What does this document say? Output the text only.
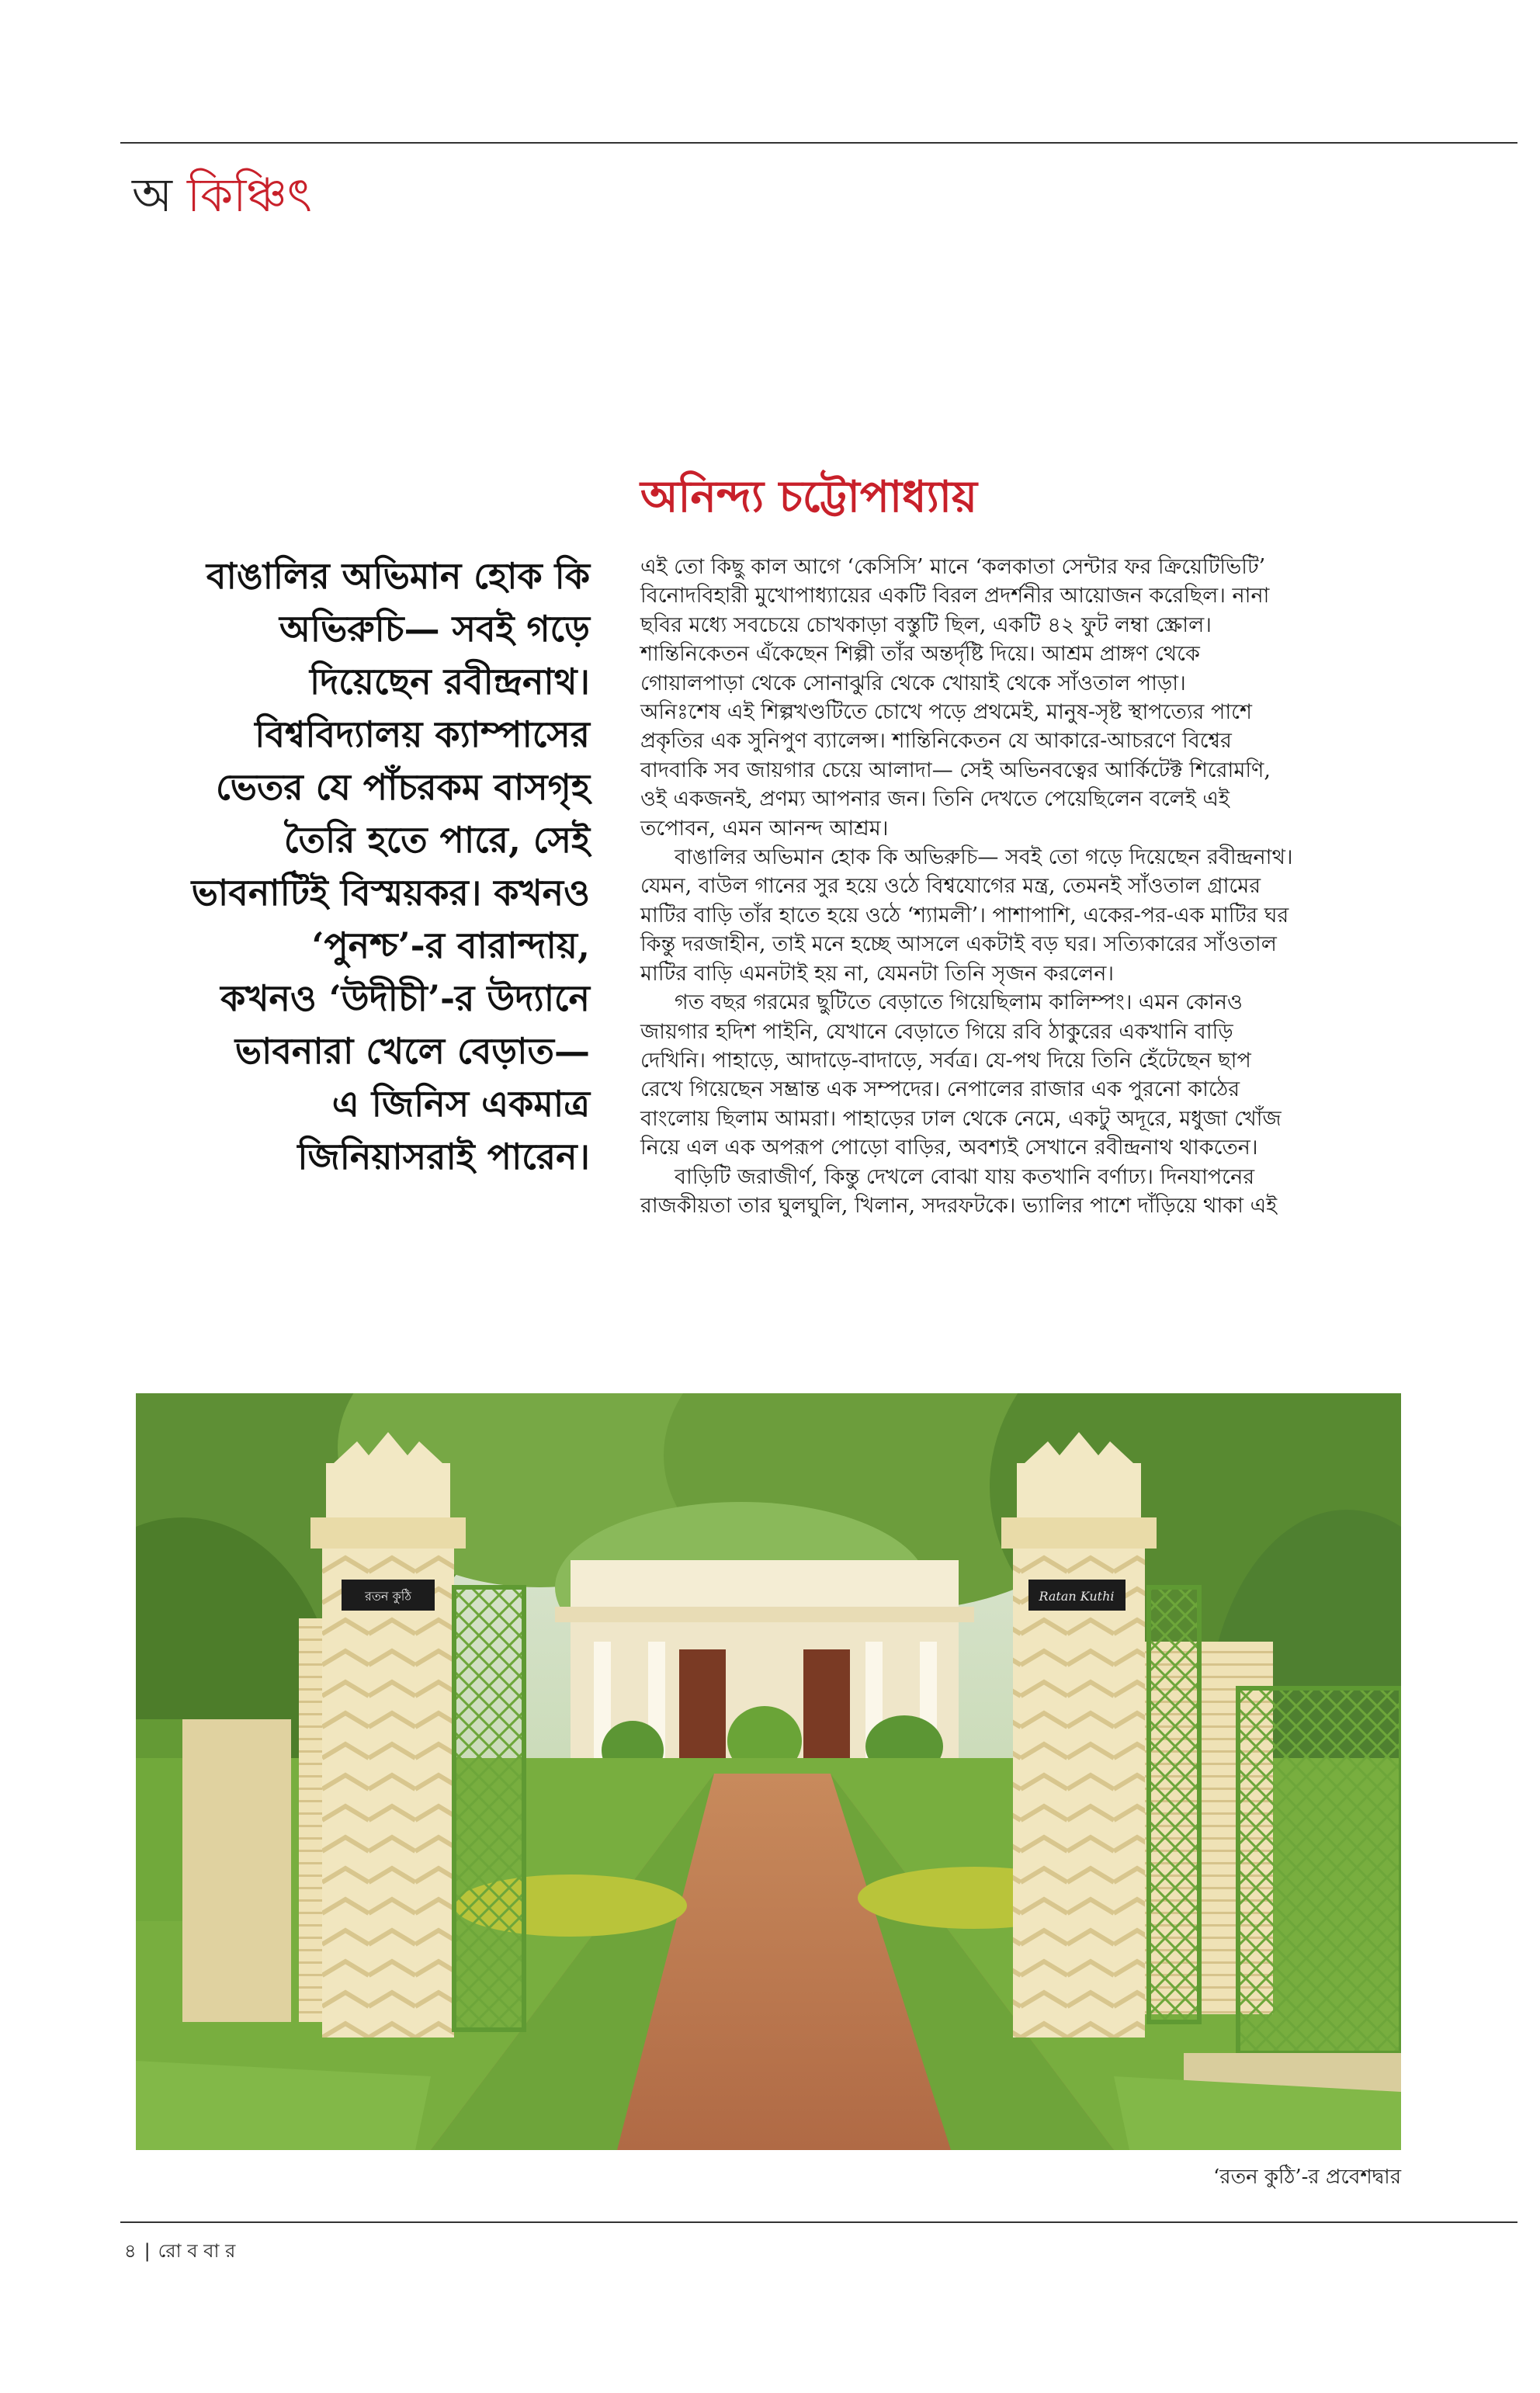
অ কিঞ্চিৎ
অনিন্দ্য চট্টোপাধ্যায়
বাঙালির অভিমান হোক কি
অভিরুচি— সবই গড়ে
দিয়েছেন রবীন্দ্রনাথ।
বিশ্ববিদ্যালয় ক্যাম্পাসের
ভেতর যে পাঁচরকম বাসগৃহ
তৈরি হতে পারে, সেই
ভাবনাটিই বিস্ময়কর। কখনও
‘পুনশ্চ’-র বারান্দায়,
কখনও ‘উদীচী’-র উদ্যানে
ভাবনারা খেলে বেড়াত—
এ জিনিস একমাত্র
জিনিয়াসরাই পারেন।
এই তো কিছু কাল আগে ‘কেসিসি’ মানে ‘কলকাতা সেন্টার ফর ক্রিয়েটিভিটি’
বিনোদবিহারী মুখোপাধ্যায়ের একটি বিরল প্রদর্শনীর আয়োজন করেছিল। নানা
ছবির মধ্যে সবচেয়ে চোখকাড়া বস্তুটি ছিল, একটি ৪২ ফুট লম্বা স্ক্রোল।
শান্তিনিকেতন এঁকেছেন শিল্পী তাঁর অন্তর্দৃষ্টি দিয়ে। আশ্রম প্রাঙ্গণ থেকে
গোয়ালপাড়া থেকে সোনাঝুরি থেকে খোয়াই থেকে সাঁওতাল পাড়া।
অনিঃশেষ এই শিল্পখণ্ডটিতে চোখে পড়ে প্রথমেই, মানুষ-সৃষ্ট স্থাপত্যের পাশে
প্রকৃতির এক সুনিপুণ ব্যালেন্স। শান্তিনিকেতন যে আকারে-আচরণে বিশ্বের
বাদবাকি সব জায়গার চেয়ে আলাদা— সেই অভিনবত্বের আর্কিটেক্ট শিরোমণি,
ওই একজনই, প্রণম্য আপনার জন। তিনি দেখতে পেয়েছিলেন বলেই এই
তপোবন, এমন আনন্দ আশ্রম।
বাঙালির অভিমান হোক কি অভিরুচি— সবই তো গড়ে দিয়েছেন রবীন্দ্রনাথ।
যেমন, বাউল গানের সুর হয়ে ওঠে বিশ্বযোগের মন্ত্র, তেমনই সাঁওতাল গ্রামের
মাটির বাড়ি তাঁর হাতে হয়ে ওঠে ‘শ্যামলী’। পাশাপাশি, একের-পর-এক মাটির ঘর
কিন্তু দরজাহীন, তাই মনে হচ্ছে আসলে একটাই বড় ঘর। সত্যিকারের সাঁওতাল
মাটির বাড়ি এমনটাই হয় না, যেমনটা তিনি সৃজন করলেন।
গত বছর গরমের ছুটিতে বেড়াতে গিয়েছিলাম কালিম্পং। এমন কোনও
জায়গার হদিশ পাইনি, যেখানে বেড়াতে গিয়ে রবি ঠাকুরের একখানি বাড়ি
দেখিনি। পাহাড়ে, আদাড়ে-বাদাড়ে, সর্বত্র। যে-পথ দিয়ে তিনি হেঁটেছেন ছাপ
রেখে গিয়েছেন সম্ভ্রান্ত এক সম্পদের। নেপালের রাজার এক পুরনো কাঠের
বাংলোয় ছিলাম আমরা। পাহাড়ের ঢাল থেকে নেমে, একটু অদূরে, মধুজা খোঁজ
নিয়ে এল এক অপরূপ পোড়ো বাড়ির, অবশ্যই সেখানে রবীন্দ্রনাথ থাকতেন।
বাড়িটি জরাজীর্ণ, কিন্তু দেখলে বোঝা যায় কতখানি বর্ণাঢ্য। দিনযাপনের
রাজকীয়তা তার ঘুলঘুলি, খিলান, সদরফটকে। ভ্যালির পাশে দাঁড়িয়ে থাকা এই
রতন কুঠি	Ratan Kuthi
‘রতন কুঠি’-র প্রবেশদ্বার
৪ | রো ব বা র
